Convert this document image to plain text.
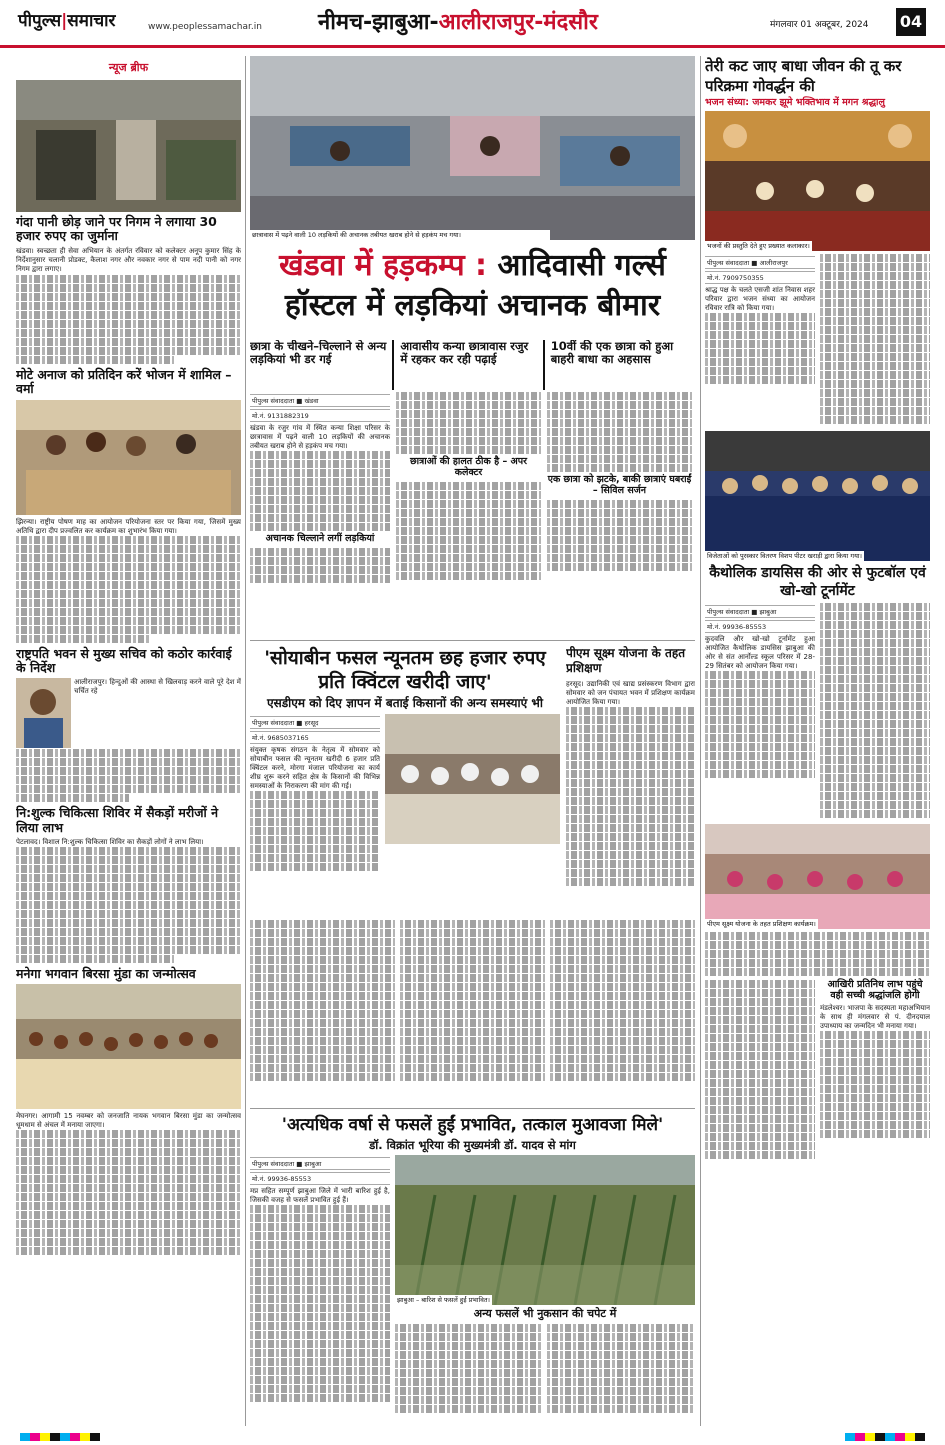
पीपुल्स|समाचार	www.peoplessamachar.in	नीमच-झाबुआ-आलीराजपुर-मंदसौर	मंगलवार 01 अक्टूबर, 2024 04
न्यूज ब्रीफ
गंदा पानी छोड़ जाने पर निगम ने लगाया 30 हजार रुपए का जुर्माना
खंडवा। स्वच्छता ही सेवा अभियान के अंतर्गत रविवार को कलेक्टर अनूप कुमार सिंह के निर्देशानुसार चलानी प्रोडक्ट, कैलाश नगर और नवकार नगर से पाम नदी पानी को नगर निगम द्वारा लगाए।
मोटे अनाज को प्रतिदिन करें भोजन में शामिल – वर्मा
झिरन्या। राष्ट्रीय पोषण माह का आयोजन परियोजना स्तर पर किया गया, जिसमें मुख्य अतिथि द्वारा दीप प्रज्वलित कर कार्यक्रम का शुभारंभ किया गया।
राष्ट्रपति भवन से मुख्य सचिव को कठोर कार्रवाई के निर्देश
आलीराजपुर। हिन्दुओं की आस्था से खिलवाड़ करने वाले पूरे देश में चर्चित रहे
नि:शुल्क चिकित्सा शिविर में सैकड़ों मरीजों ने लिया लाभ
पेटलावद। विशाल नि:शुल्क चिकित्सा शिविर का सैकड़ों लोगों ने लाभ लिया।
मनेगा भगवान बिरसा मुंडा का जन्मोत्सव
मेघनगर। आगामी 15 नवम्बर को जनजाति नायक भगवान बिरसा मुंडा का जन्मोत्सव धूमधाम से अंचल में मनाया जाएगा।
छात्रावास में पढ़ने वाली 10 लड़कियों की अचानक तबीयत खराब होने से हड़कंप मच गया।
खंडवा में हड़कम्प : आदिवासी गर्ल्स हॉस्टल में लड़कियां अचानक बीमार
छात्रा के चीखने–चिल्लाने से अन्य लड़कियां भी डर गई
आवासीय कन्या छात्रावास रजुर में रहकर कर रही पढ़ाई
10वीं की एक छात्रा को हुआ बाहरी बाधा का अहसास
पीपुल्स संवाददाता ■ खंडवा
मो.नं. 9131882319
खंडवा के रजुर गांव में स्थित कन्या शिक्षा परिसर के छात्रावास में पढ़ने वाली 10 लड़कियों की अचानक तबीयत खराब होने से हड़कंप मच गया।
अचानक चिल्लाने लगीं लड़कियां
छात्राओं की हालत ठीक है – अपर कलेक्टर
एक छात्रा को झटके, बाकी छात्राएं घबराईं – सिविल सर्जन
'सोयाबीन फसल न्यूनतम छह हजार रुपए प्रति क्विंटल खरीदी जाए'
एसडीएम को दिए ज्ञापन में बताई किसानों की अन्य समस्याएं भी
पीपुल्स संवाददाता ■ हरसूद
मो.नं. 9685037165
संयुक्त कृषक संगठन के नेतृत्व में सोमवार को सोयाबीन फसल की न्यूनतम खरीदी 6 हजार प्रति क्विंटल करने, मोरगा मंजाल परियोजना का कार्य शीघ्र शुरू करने सहित क्षेत्र के किसानों की विभिन्न समस्याओं के निराकरण की मांग की गई।
पीएम सूक्ष्म योजना के तहत प्रशिक्षण
हरसूद। उद्यानिकी एवं खाद्य प्रसंस्करण विभाग द्वारा सोमवार को जन पंचायत भवन में प्रशिक्षण कार्यक्रम आयोजित किया गया।
'अत्यधिक वर्षा से फसलें हुईं प्रभावित, तत्काल मुआवजा मिले'
डॉ. विक्रांत भूरिया की मुख्यमंत्री डॉ. यादव से मांग
पीपुल्स संवाददाता ■ झाबुआ
मो.नं. 99936-85553
मप्र सहित सम्पूर्ण झाबुआ जिले में भारी बारिश हुई है, जिसकी वजह से फसलें प्रभावित हुई हैं।
झाबुआ – बारिश से फसलें हुईं प्रभावित।
अन्य फसलें भी नुकसान की चपेट में
तेरी कट जाए बाधा जीवन की तू कर परिक्रमा गोवर्द्धन की
भजन संध्या: जमकर झूमे भक्तिभाव में मगन श्रद्धालु
भजनों की प्रस्तुति देते हुए प्रख्यात कलाकार।
पीपुल्स संवाददाता ■ आलीराजपुर
मो.नं. 7909750355
श्राद्ध पक्ष के चलते एसजी शांत निवास शहर परिवार द्वारा भजन संध्या का आयोजन रविवार रात्रि को किया गया।
विजेताओं को पुरस्कार वितरण विशप पीटर खराड़ी द्वारा किया गया।
कैथोलिक डायसिस की ओर से फुटबॉल एवं खो-खो टूर्नामेंट
पीपुल्स संवाददाता ■ झाबुआ
मो.नं. 99936-85553
कुदवलि और खो-खो टूर्नामेंट हुआ आयोजित कैथोलिक डायसिस झाबुआ की ओर से संत आर्नोल्ड स्कूल परिसर में 28-29 सितंबर को आयोजन किया गया।
पीएम सूक्ष्म योजना के तहत प्रशिक्षण कार्यक्रम।
आखिरी प्रतिनिध लाभ पहुंचे वही सच्ची श्रद्धांजलि होगी
मंडलेश्वर। भाजपा के सदस्यता महाअभियान के साथ ही मंगलवार से पं. दीनदयाल उपाध्याय का जन्मदिन भी मनाया गया।
